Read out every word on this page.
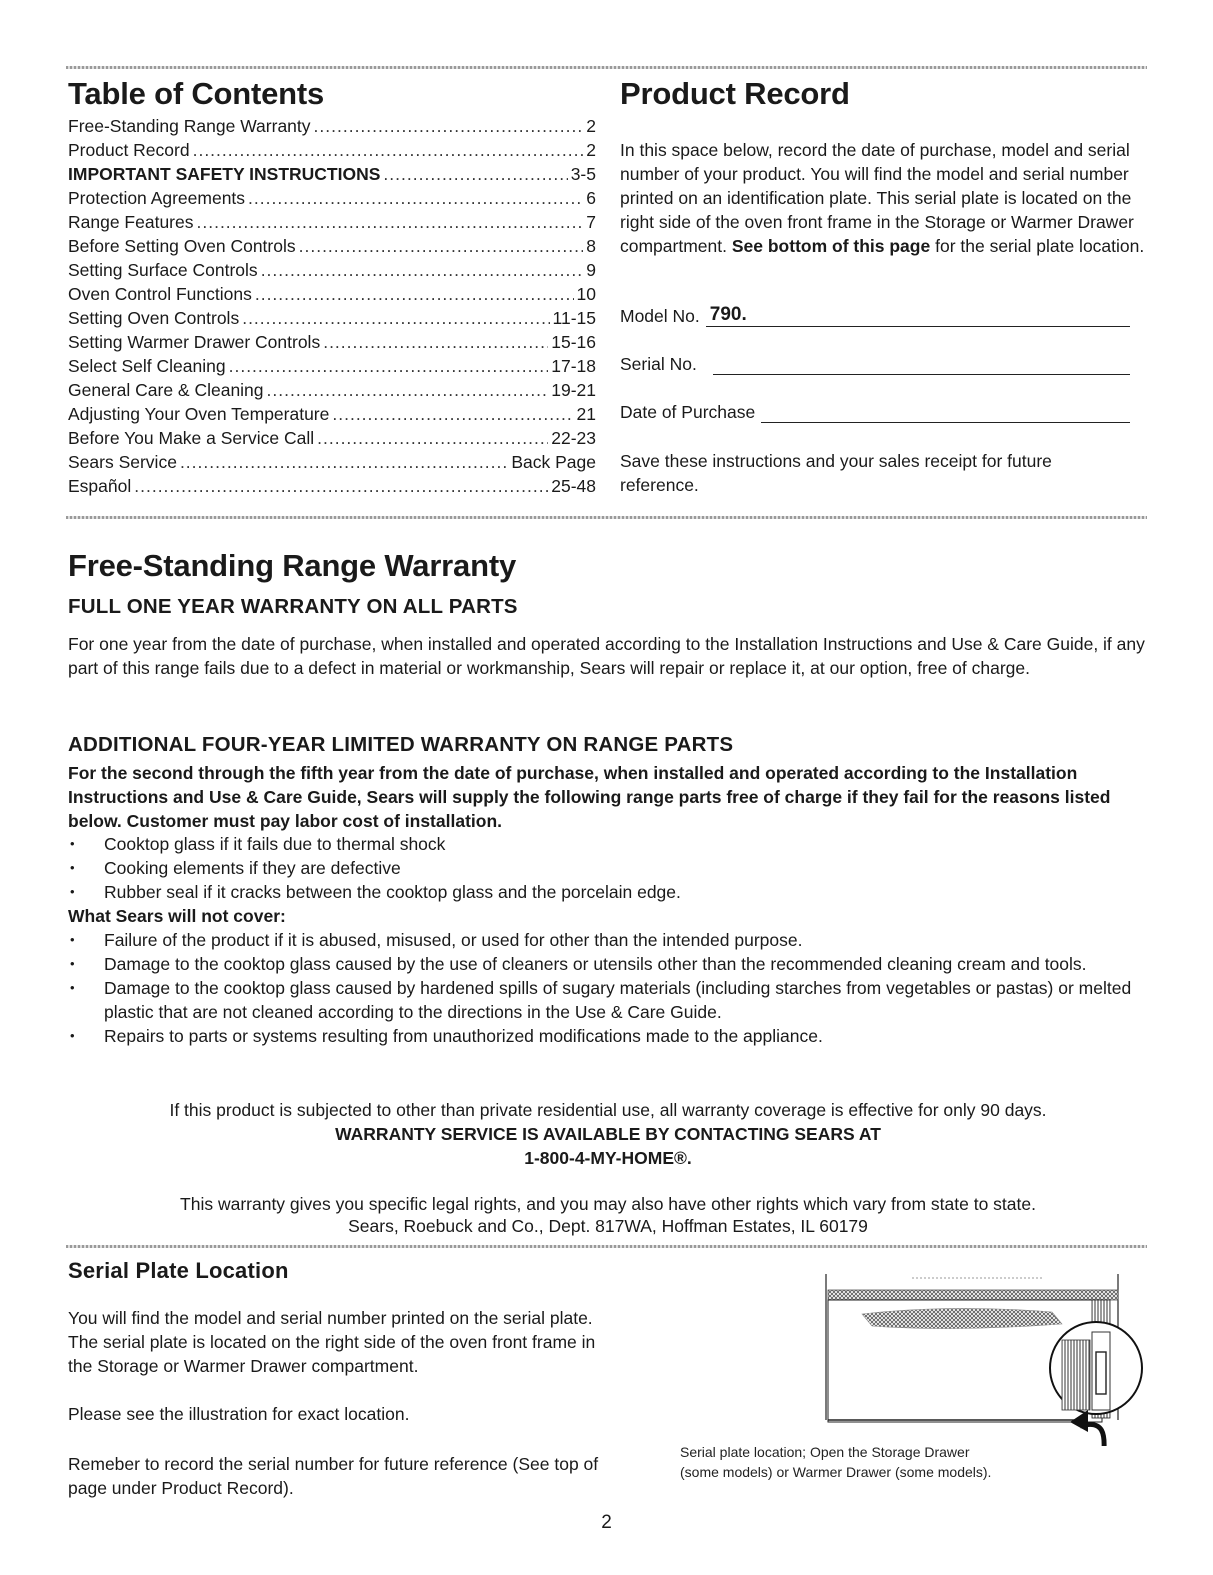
Table of Contents
Free-Standing Range Warranty .....	2
Product Record .....	2
IMPORTANT SAFETY INSTRUCTIONS .....	3-5
Protection Agreements .....	6
Range Features .....	7
Before Setting Oven Controls .....	8
Setting Surface Controls .....	9
Oven Control Functions .....	10
Setting Oven Controls .....	11-15
Setting Warmer Drawer Controls .....	15-16
Select Self Cleaning .....	17-18
General Care & Cleaning .....	19-21
Adjusting Your Oven Temperature .....	21
Before You Make a Service Call .....	22-23
Sears Service .....	Back Page
Español .....	25-48
Product Record
In this space below, record the date of purchase, model and serial number of your product. You will find the model and serial number printed on an identification plate. This serial plate is located on the right side of the oven front frame in the Storage or Warmer Drawer compartment. See bottom of this page for the serial plate location.
Model No. 790.
Serial No.
Date of Purchase
Save these instructions and your sales receipt for future reference.
Free-Standing Range Warranty
FULL ONE YEAR WARRANTY ON ALL PARTS

For one year from the date of purchase, when installed and operated according to the Installation Instructions and Use & Care Guide, if any part of this range fails due to a defect in material or workmanship, Sears will repair or replace it, at our option, free of charge.

ADDITIONAL FOUR-YEAR LIMITED WARRANTY ON RANGE PARTS

For the second through the fifth year from the date of purchase, when installed and operated according to the Installation Instructions and Use & Care Guide, Sears will supply the following range parts free of charge if they fail for the reasons listed below. Customer must pay labor cost of installation.

• Cooktop glass if it fails due to thermal shock
• Cooking elements if they are defective
• Rubber seal if it cracks between the cooktop glass and the porcelain edge.
What Sears will not cover:
• Failure of the product if it is abused, misused, or used for other than the intended purpose.
• Damage to the cooktop glass caused by the use of cleaners or utensils other than the recommended cleaning cream and tools.
• Damage to the cooktop glass caused by hardened spills of sugary materials (including starches from vegetables or pastas) or melted plastic that are not cleaned according to the directions in the Use & Care Guide.
• Repairs to parts or systems resulting from unauthorized modifications made to the appliance.

If this product is subjected to other than private residential use, all warranty coverage is effective for only 90 days.

WARRANTY SERVICE IS AVAILABLE BY CONTACTING SEARS AT

1-800-4-MY-HOME®.

This warranty gives you specific legal rights, and you may also have other rights which vary from state to state.

Sears, Roebuck and Co., Dept. 817WA, Hoffman Estates, IL 60179

Serial Plate Location

You will find the model and serial number printed on the serial plate. The serial plate is located on the right side of the oven front frame in the Storage or Warmer Drawer compartment.

Please see the illustration for exact location.

Remeber to record the serial number for future reference (See top of page under Product Record).

Serial plate location; Open the Storage Drawer
(some models) or Warmer Drawer (some models).
2
